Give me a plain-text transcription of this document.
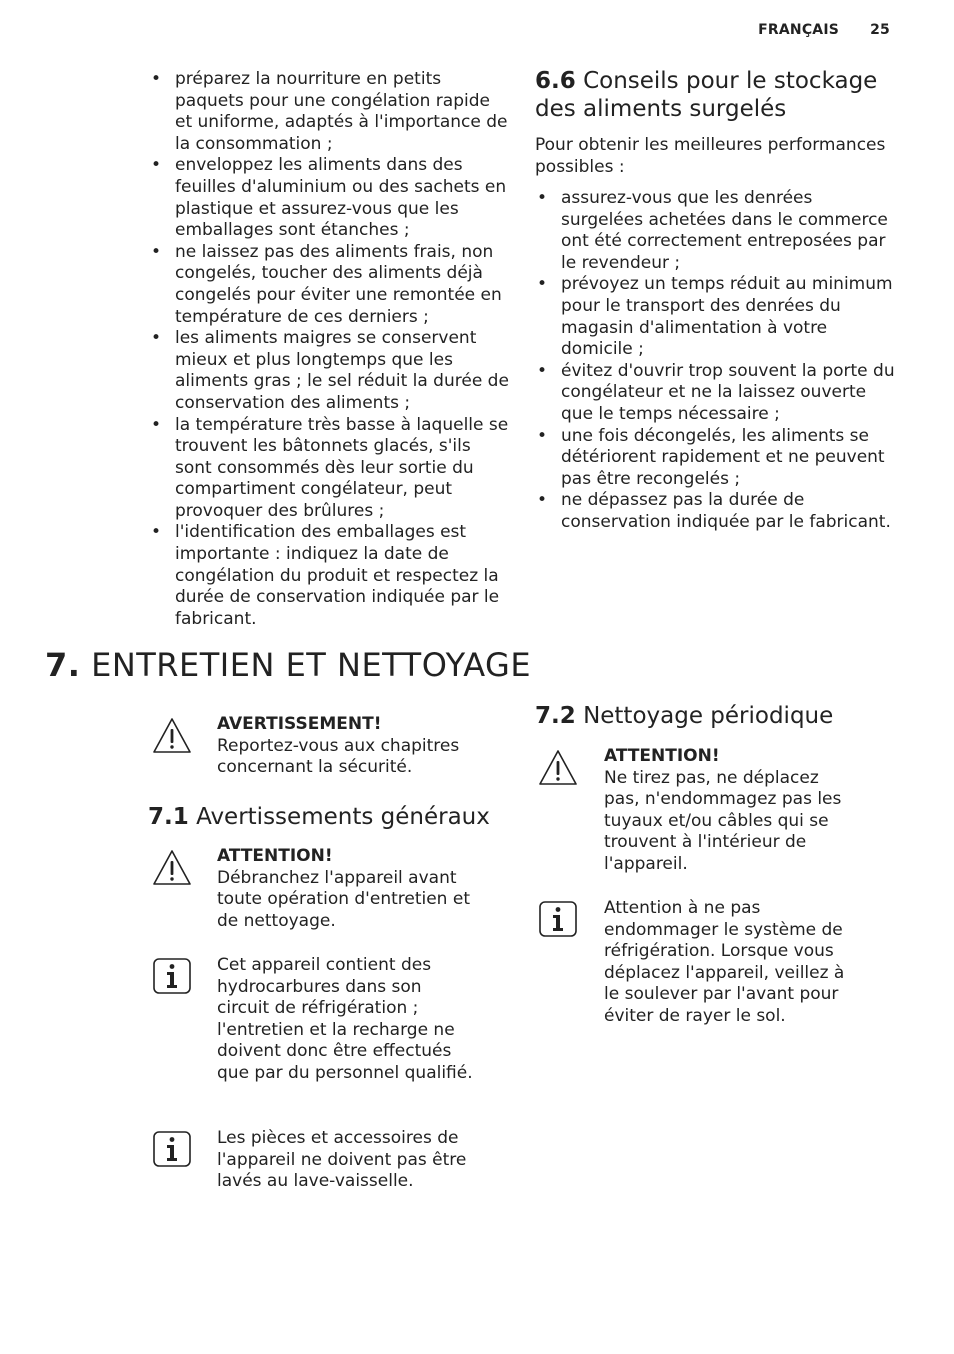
FRANÇAIS 25
• préparez la nourriture en petits paquets pour une congélation rapide et uniforme, adaptés à l'importance de la consommation ;
• enveloppez les aliments dans des feuilles d'aluminium ou des sachets en plastique et assurez-vous que les emballages sont étanches ;
• ne laissez pas des aliments frais, non congelés, toucher des aliments déjà congelés pour éviter une remontée en température de ces derniers ;
• les aliments maigres se conservent mieux et plus longtemps que les aliments gras ; le sel réduit la durée de conservation des aliments ;
• la température très basse à laquelle se trouvent les bâtonnets glacés, s'ils sont consommés dès leur sortie du compartiment congélateur, peut provoquer des brûlures ;
• l'identification des emballages est importante : indiquez la date de congélation du produit et respectez la durée de conservation indiquée par le fabricant.
6.6 Conseils pour le stockage des aliments surgelés

Pour obtenir les meilleures performances possibles :

• assurez-vous que les denrées surgelées achetées dans le commerce ont été correctement entreposées par le revendeur ;
• prévoyez un temps réduit au minimum pour le transport des denrées du magasin d'alimentation à votre domicile ;
• évitez d'ouvrir trop souvent la porte du congélateur et ne la laissez ouverte que le temps nécessaire ;
• une fois décongelés, les aliments se détériorent rapidement et ne peuvent pas être recongelés ;
• ne dépassez pas la durée de conservation indiquée par le fabricant.
7. ENTRETIEN ET NETTOYAGE
AVERTISSEMENT!
Reportez-vous aux chapitres concernant la sécurité.
7.1 Avertissements généraux
ATTENTION!
Débranchez l'appareil avant toute opération d'entretien et de nettoyage.
Cet appareil contient des hydrocarbures dans son circuit de réfrigération ; l'entretien et la recharge ne doivent donc être effectués que par du personnel qualifié.
Les pièces et accessoires de l'appareil ne doivent pas être lavés au lave-vaisselle.
7.2 Nettoyage périodique
ATTENTION!
Ne tirez pas, ne déplacez pas, n'endommagez pas les tuyaux et/ou câbles qui se trouvent à l'intérieur de l'appareil.
Attention à ne pas endommager le système de réfrigération. Lorsque vous déplacez l'appareil, veillez à le soulever par l'avant pour éviter de rayer le sol.
